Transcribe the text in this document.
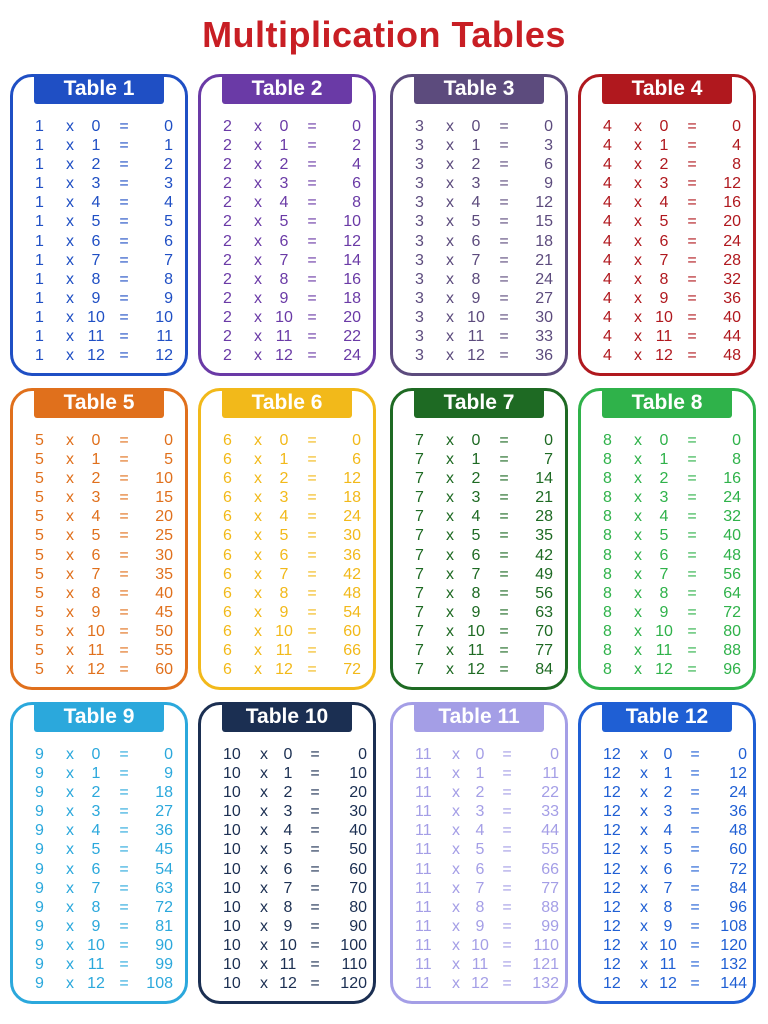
Multiplication Tables
Table 1
1	x	0	=	0
1	x	1	=	1
1	x	2	=	2
1	x	3	=	3
1	x	4	=	4
1	x	5	=	5
1	x	6	=	6
1	x	7	=	7
1	x	8	=	8
1	x	9	=	9
1	x 10 =	10
1	x 11 =	11
1	x 12 =	12
Table 2
2	x	0	=	0
2	x	1	=	2
2	x	2	=	4
2	x	3	=	6
2	x	4	=	8
2	x	5	=	10
2	x	6	=	12
2	x	7	=	14
2	x	8	=	16
2	x	9	=	18
2	x 10 =	20
2	x 11 =	22
2	x 12 =	24
Table 3
3	x	0	=	0
3	x	1	=	3
3	x	2	=	6
3	x	3	=	9
3	x	4	=	12
3	x	5	=	15
3	x	6	=	18
3	x	7	=	21
3	x	8	=	24
3	x	9	=	27
3	x 10 =	30
3	x 11 =	33
3	x 12 =	36
Table 4
4	x	0	=	0
4	x	1	=	4
4	x	2	=	8
4	x	3	=	12
4	x	4	=	16
4	x	5	=	20
4	x	6	=	24
4	x	7	=	28
4	x	8	=	32
4	x	9	=	36
4	x 10 =	40
4	x 11 =	44
4	x 12 =	48
Table 5
5	x	0	=	0
5	x	1	=	5
5	x	2	=	10
5	x	3	=	15
5	x	4	=	20
5	x	5	=	25
5	x	6	=	30
5	x	7	=	35
5	x	8	=	40
5	x	9	=	45
5	x 10 =	50
5	x 11 =	55
5	x 12 =	60
Table 6
6	x	0	=	0
6	x	1	=	6
6	x	2	=	12
6	x	3	=	18
6	x	4	=	24
6	x	5	=	30
6	x	6	=	36
6	x	7	=	42
6	x	8	=	48
6	x	9	=	54
6	x 10 =	60
6	x 11 =	66
6	x 12 =	72
Table 7
7	x	0	=	0
7	x	1	=	7
7	x	2	=	14
7	x	3	=	21
7	x	4	=	28
7	x	5	=	35
7	x	6	=	42
7	x	7	=	49
7	x	8	=	56
7	x	9	=	63
7	x 10 =	70
7	x 11 =	77
7	x 12 =	84
Table 8
8	x	0	=	0
8	x	1	=	8
8	x	2	=	16
8	x	3	=	24
8	x	4	=	32
8	x	5	=	40
8	x	6	=	48
8	x	7	=	56
8	x	8	=	64
8	x	9	=	72
8	x 10 =	80
8	x 11 =	88
8	x 12 =	96
Table 9
9	x	0	=	0
9	x	1	=	9
9	x	2	=	18
9	x	3	=	27
9	x	4	=	36
9	x	5	=	45
9	x	6	=	54
9	x	7	=	63
9	x	8	=	72
9	x	9	=	81
9	x 10 =	90
9	x 11 =	99
9	x 12 =	108
Table 10
10	x 0	=	0
10	x 1	=	10
10	x 2	=	20
10	x 3	=	30
10	x 4	=	40
10	x 5	=	50
10	x 6	=	60
10	x 7	=	70
10	x 8	=	80
10	x 9	=	90
10	x 10 =	100
10	x 11 =	110
10	x 12 =	120
Table 11
11	x 0	=	0
11	x 1	=	11
11	x 2	=	22
11	x 3	=	33
11	x 4	=	44
11	x 5	=	55
11	x 6	=	66
11	x 7	=	77
11	x 8	=	88
11	x 9	=	99
11	x 10 =	110
11	x 11 =	121
11	x 12 =	132
Table 12
12	x 0	=	0
12	x 1	=	12
12	x 2	=	24
12	x 3	=	36
12	x 4	=	48
12	x 5	=	60
12	x 6	=	72
12	x 7	=	84
12	x 8	=	96
12	x 9	=	108
12	x 10 =	120
12	x 11 =	132
12	x 12 =	144
